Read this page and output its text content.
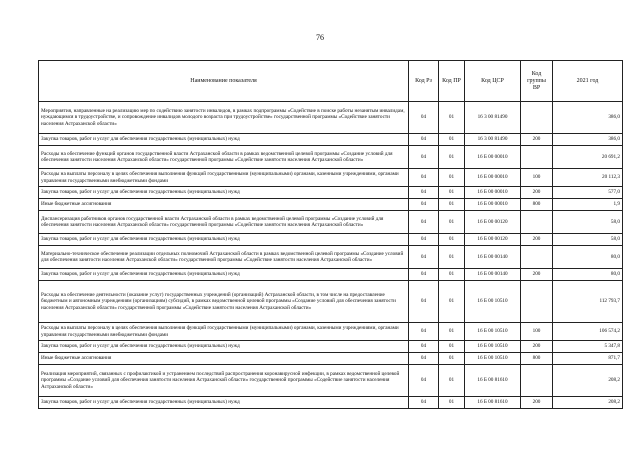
76
Наименование показателя	Код Рз	Код ПР	Код ЦСР	Код группы ВР	2021 год
Мероприятия, направленные на реализацию мер по содействию занятости инвалидов, в рамках подпрограммы «Содействие в поиске работы незанятым инвалидам, нуждающимся в трудоустройстве, и сопровождение инвалидов молодого возраста при трудоустройстве» государственной программы «Содействие занятости населения Астраханской области»	04	01	16 3 00 81490		386,0
Закупка товаров, работ и услуг для обеспечения государственных (муниципальных) нужд	04	01	16 3 00 81490	200	386,0
Расходы на обеспечение функций органов государственной власти Астраханской области в рамках ведомственной целевой программы «Создание условий для обеспечения занятости населения Астраханской области» государственной программы «Содействие занятости населения Астраханской области»	04	01	16 Б 00 00010		20 691,2
Расходы на выплаты персоналу в целях обеспечения выполнения функций государственными (муниципальными) органами, казенными учреждениями, органами управления государственными внебюджетными фондами	04	01	16 Б 00 00010	100	20 112,3
Закупка товаров, работ и услуг для обеспечения государственных (муниципальных) нужд	04	01	16 Б 00 00010	200	577,0
Иные бюджетные ассигнования	04	01	16 Б 00 00010	800	1,9
Диспансеризация работников органов государственной власти Астраханской области в рамках ведомственной целевой программы «Создание условий для обеспечения занятости населения Астраханской области» государственной программы «Содействие занятости населения Астраханской области»	04	01	16 Б 00 00120		58,0
Закупка товаров, работ и услуг для обеспечения государственных (муниципальных) нужд	04	01	16 Б 00 00120	200	58,0
Материально-техническое обеспечение реализации отдельных полномочий Астраханской области в рамках ведомственной целевой программы «Создание условий для обеспечения занятости населения Астраханской области» государственной программы «Содействие занятости населения Астраханской области»	04	01	16 Б 00 00140		80,0
Закупка товаров, работ и услуг для обеспечения государственных (муниципальных) нужд	04	01	16 Б 00 00140	200	80,0
Расходы на обеспечение деятельности (оказание услуг) государственных учреждений (организаций) Астраханской области, в том числе на предоставление бюджетным и автономным учреждениям (организациям) субсидий, в рамках ведомственной целевой программы «Создание условий для обеспечения занятости населения Астраханской области» государственной программы «Содействие занятости населения Астраханской области»	04	01	16 Б 00 10510		112 793,7
Расходы на выплаты персоналу в целях обеспечения выполнения функций государственными (муниципальными) органами, казенными учреждениями, органами управления государственными внебюджетными фондами	04	01	16 Б 00 10510	100	106 574,2
Закупка товаров, работ и услуг для обеспечения государственных (муниципальных) нужд	04	01	16 Б 00 10510	200	5 347,8
Иные бюджетные ассигнования	04	01	16 Б 00 10510	800	871,7
Реализация мероприятий, связанных с профилактикой и устранением последствий распространения коронавирусной инфекции, в рамках ведомственной целевой программы «Создание условий для обеспечения занятости населения Астраханской области» государственной программы «Содействие занятости населения Астраханской области»	04	01	16 Б 00 81610		208,2
Закупка товаров, работ и услуг для обеспечения государственных (муниципальных) нужд	04	01	16 Б 00 81610	200	208,2
